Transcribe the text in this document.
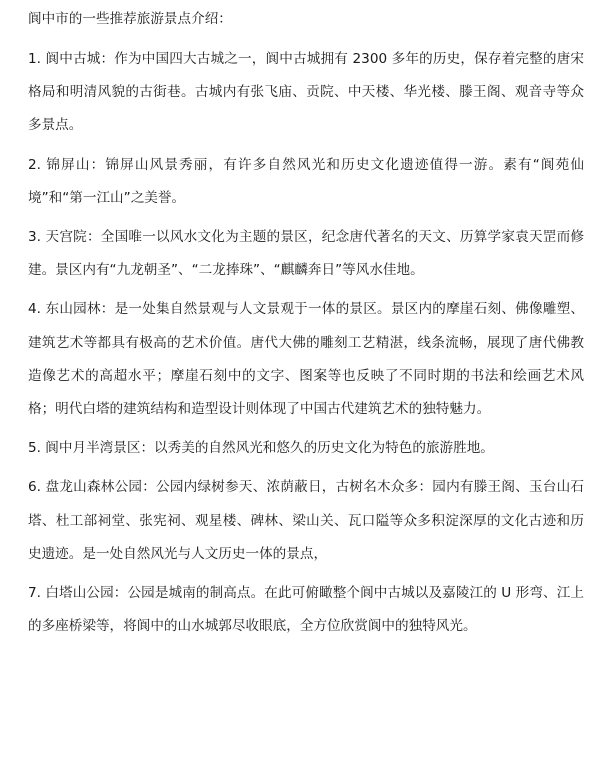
阆中市的一些推荐旅游景点介绍：

1. 阆中古城：作为中国四大古城之一，阆中古城拥有 2300 多年的历史，保存着完整的唐宋格局和明清风貌的古街巷。古城内有张飞庙、贡院、中天楼、华光楼、滕王阁、观音寺等众多景点。

2. 锦屏山：锦屏山风景秀丽，有许多自然风光和历史文化遗迹值得一游。素有“阆苑仙境”和“第一江山”之美誉。

3. 天宫院：全国唯一以风水文化为主题的景区，纪念唐代著名的天文、历算学家袁天罡而修建。景区内有“九龙朝圣”、“二龙捧珠”、“麒麟奔日”等风水佳地。

4. 东山园林：是一处集自然景观与人文景观于一体的景区。景区内的摩崖石刻、佛像雕塑、建筑艺术等都具有极高的艺术价值。唐代大佛的雕刻工艺精湛，线条流畅，展现了唐代佛教造像艺术的高超水平；摩崖石刻中的文字、图案等也反映了不同时期的书法和绘画艺术风格；明代白塔的建筑结构和造型设计则体现了中国古代建筑艺术的独特魅力。

5. 阆中月半湾景区：以秀美的自然风光和悠久的历史文化为特色的旅游胜地。

6. 盘龙山森林公园：公园内绿树参天、浓荫蔽日，古树名木众多：园内有滕王阁、玉台山石塔、杜工部祠堂、张宪祠、观星楼、碑林、梁山关、瓦口隘等众多积淀深厚的文化古迹和历史遗迹。是一处自然风光与人文历史一体的景点，

7. 白塔山公园：公园是城南的制高点。在此可俯瞰整个阆中古城以及嘉陵江的 U 形弯、江上的多座桥梁等，将阆中的山水城郭尽收眼底，全方位欣赏阆中的独特风光。
